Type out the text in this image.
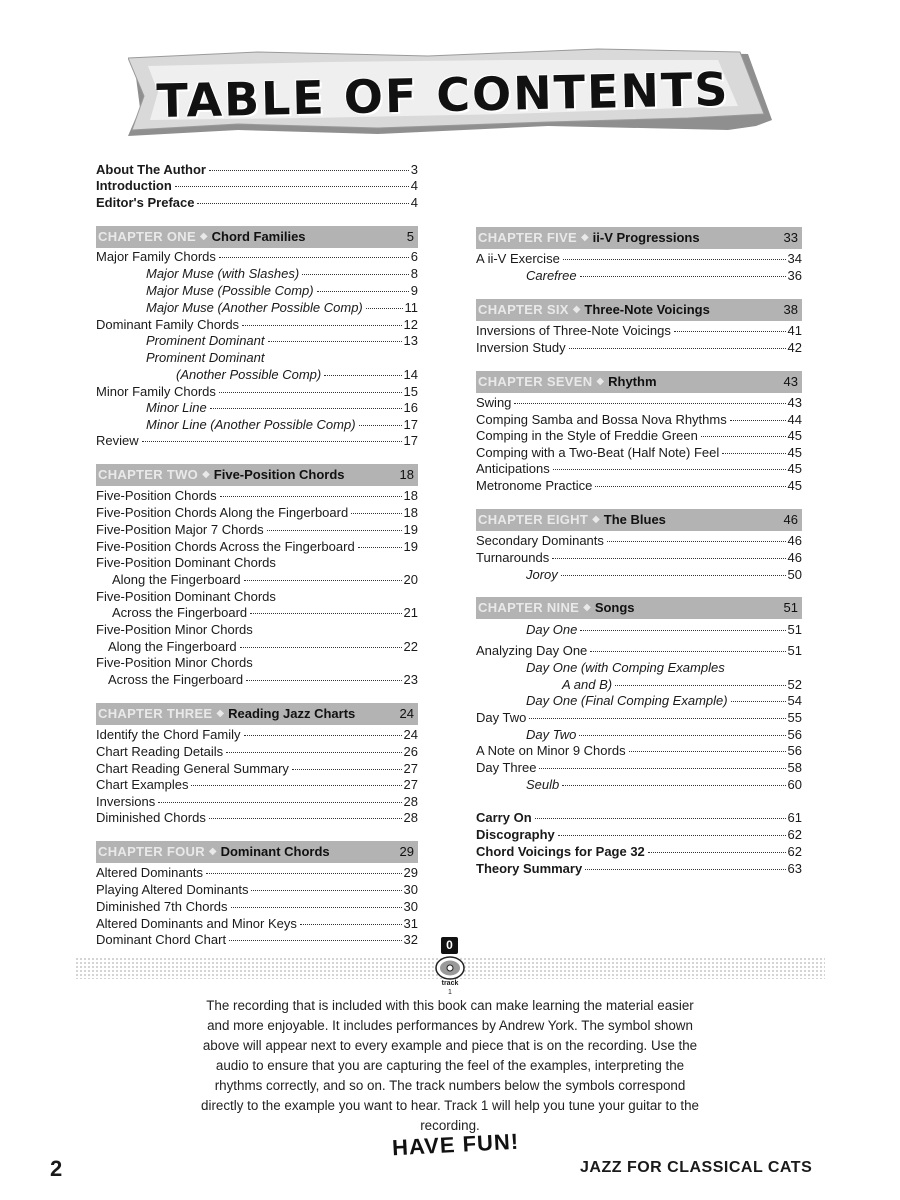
TABLE OF CONTENTS
About The Author	3
Introduction	4
Editor's Preface	4
CHAPTER ONE ◆ Chord Families	5
Major Family Chords	6
Major Muse (with Slashes)	8
Major Muse (Possible Comp)	9
Major Muse (Another Possible Comp)	11
Dominant Family Chords	12
Prominent Dominant	13
Prominent Dominant
(Another Possible Comp)	14
Minor Family Chords	15
Minor Line	16
Minor Line (Another Possible Comp)	17
Review	17
CHAPTER TWO ◆ Five-Position Chords	18
Five-Position Chords	18
Five-Position Chords Along the Fingerboard	18
Five-Position Major 7 Chords	19
Five-Position Chords Across the Fingerboard	19
Five-Position Dominant Chords
Along the Fingerboard	20
Five-Position Dominant Chords
Across the Fingerboard	21
Five-Position Minor Chords
Along the Fingerboard	22
Five-Position Minor Chords
Across the Fingerboard	23
CHAPTER THREE ◆ Reading Jazz Charts	24
Identify the Chord Family	24
Chart Reading Details	26
Chart Reading General Summary	27
Chart Examples	27
Inversions	28
Diminished Chords	28
CHAPTER FOUR ◆ Dominant Chords	29
Altered Dominants	29
Playing Altered Dominants	30
Diminished 7th Chords	30
Altered Dominants and Minor Keys	31
Dominant Chord Chart	32
CHAPTER FIVE ◆ ii-V Progressions	33
A ii-V Exercise	34
Carefree	36
CHAPTER SIX ◆ Three-Note Voicings	38
Inversions of Three-Note Voicings	41
Inversion Study	42
CHAPTER SEVEN ◆ Rhythm	43
Swing	43
Comping Samba and Bossa Nova Rhythms	44
Comping in the Style of Freddie Green	45
Comping with a Two-Beat (Half Note) Feel	45
Anticipations	45
Metronome Practice	45
CHAPTER EIGHT ◆ The Blues	46
Secondary Dominants	46
Turnarounds	46
Joroy	50
CHAPTER NINE ◆ Songs	51
Day One	51
Analyzing Day One	51
Day One (with Comping Examples
A and B)	52
Day One (Final Comping Example)	54
Day Two	55
Day Two	56
A Note on Minor 9 Chords	56
Day Three	58
Seulb	60
Carry On	61
Discography	62
Chord Voicings for Page 32	62
Theory Summary	63
0
track
1
The recording that is included with this book can make learning the material easier and more enjoyable. It includes performances by Andrew York. The symbol shown above will appear next to every example and piece that is on the recording. Use the audio to ensure that you are capturing the feel of the examples, interpreting the rhythms correctly, and so on. The track numbers below the symbols correspond directly to the example you want to hear. Track 1 will help you tune your guitar to the recording.
HAVE FUN!
2	JAZZ FOR CLASSICAL CATS
